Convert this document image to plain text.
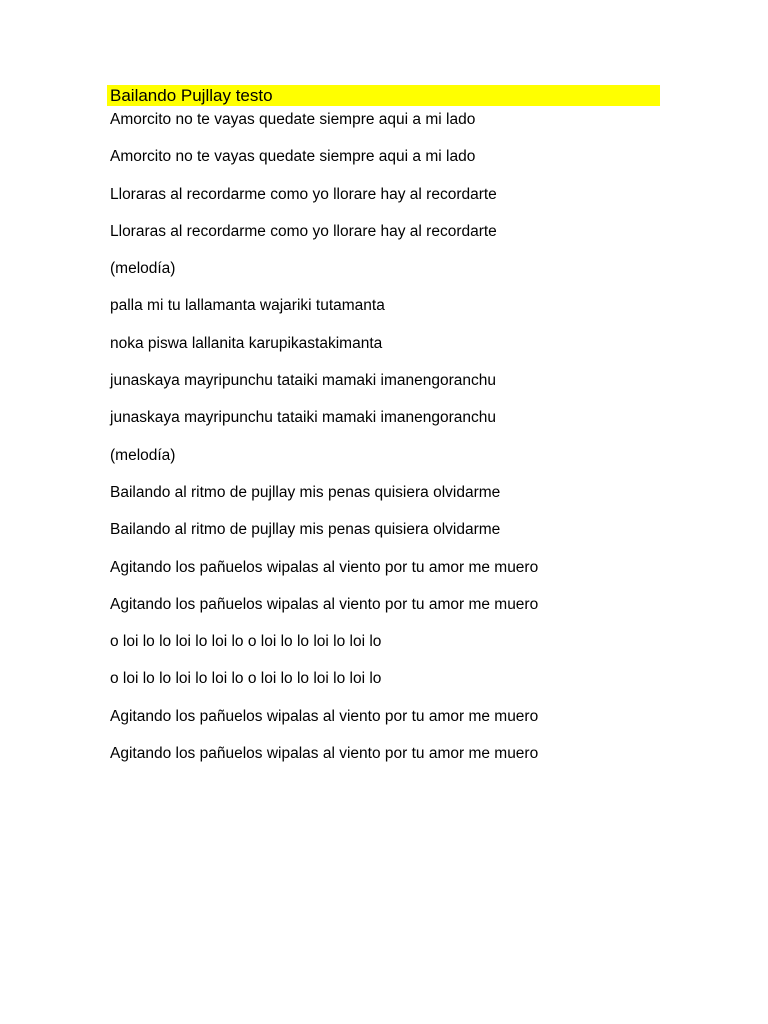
Bailando Pujllay testo
Amorcito no te vayas quedate siempre aqui a mi lado
Amorcito no te vayas quedate siempre aqui a mi lado
Lloraras al recordarme como yo llorare hay al recordarte
Lloraras al recordarme como yo llorare hay al recordarte
(melodía)
palla mi tu lallamanta wajariki tutamanta
noka piswa lallanita karupikastakimanta
junaskaya mayripunchu tataiki mamaki imanengoranchu
junaskaya mayripunchu tataiki mamaki imanengoranchu
(melodía)
Bailando al ritmo de pujllay mis penas quisiera olvidarme
Bailando al ritmo de pujllay mis penas quisiera olvidarme
Agitando los pañuelos wipalas al viento por tu amor me muero
Agitando los pañuelos wipalas al viento por tu amor me muero
o loi lo lo loi lo loi lo o loi lo lo loi lo loi lo
o loi lo lo loi lo loi lo o loi lo lo loi lo loi lo
Agitando los pañuelos wipalas al viento por tu amor me muero
Agitando los pañuelos wipalas al viento por tu amor me muero
